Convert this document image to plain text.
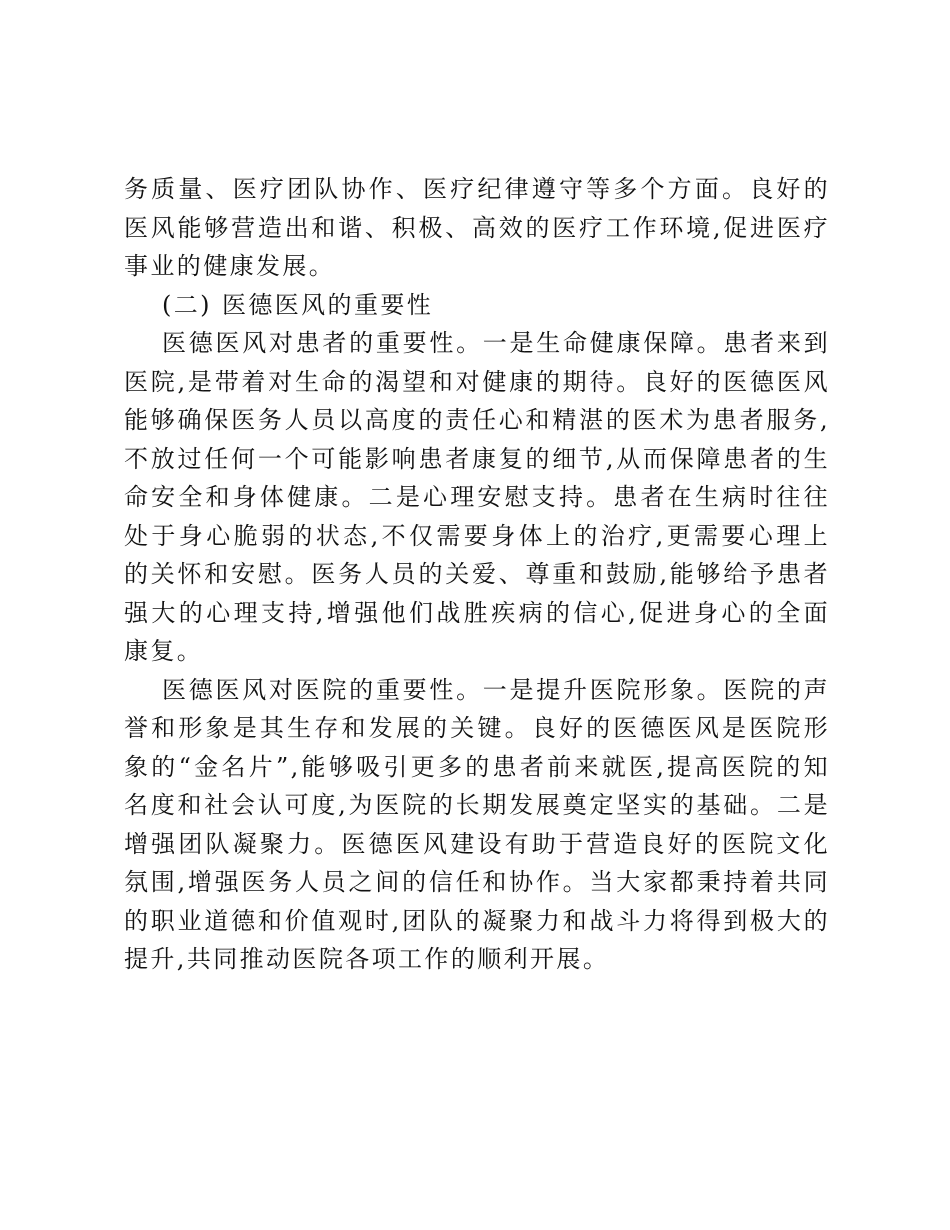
务质量、医疗团队协作、医疗纪律遵守等多个方面。良好的医风能够营造出和谐、积极、高效的医疗工作环境,促进医疗事业的健康发展。

(二) 医德医风的重要性

医德医风对患者的重要性。一是生命健康保障。患者来到医院,是带着对生命的渴望和对健康的期待。良好的医德医风能够确保医务人员以高度的责任心和精湛的医术为患者服务,不放过任何一个可能影响患者康复的细节,从而保障患者的生命安全和身体健康。二是心理安慰支持。患者在生病时往往处于身心脆弱的状态,不仅需要身体上的治疗,更需要心理上的关怀和安慰。医务人员的关爱、尊重和鼓励,能够给予患者强大的心理支持,增强他们战胜疾病的信心,促进身心的全面康复。

医德医风对医院的重要性。一是提升医院形象。医院的声誉和形象是其生存和发展的关键。良好的医德医风是医院形象的“金名片”,能够吸引更多的患者前来就医,提高医院的知名度和社会认可度,为医院的长期发展奠定坚实的基础。二是增强团队凝聚力。医德医风建设有助于营造良好的医院文化氛围,增强医务人员之间的信任和协作。当大家都秉持着共同的职业道德和价值观时,团队的凝聚力和战斗力将得到极大的提升,共同推动医院各项工作的顺利开展。
